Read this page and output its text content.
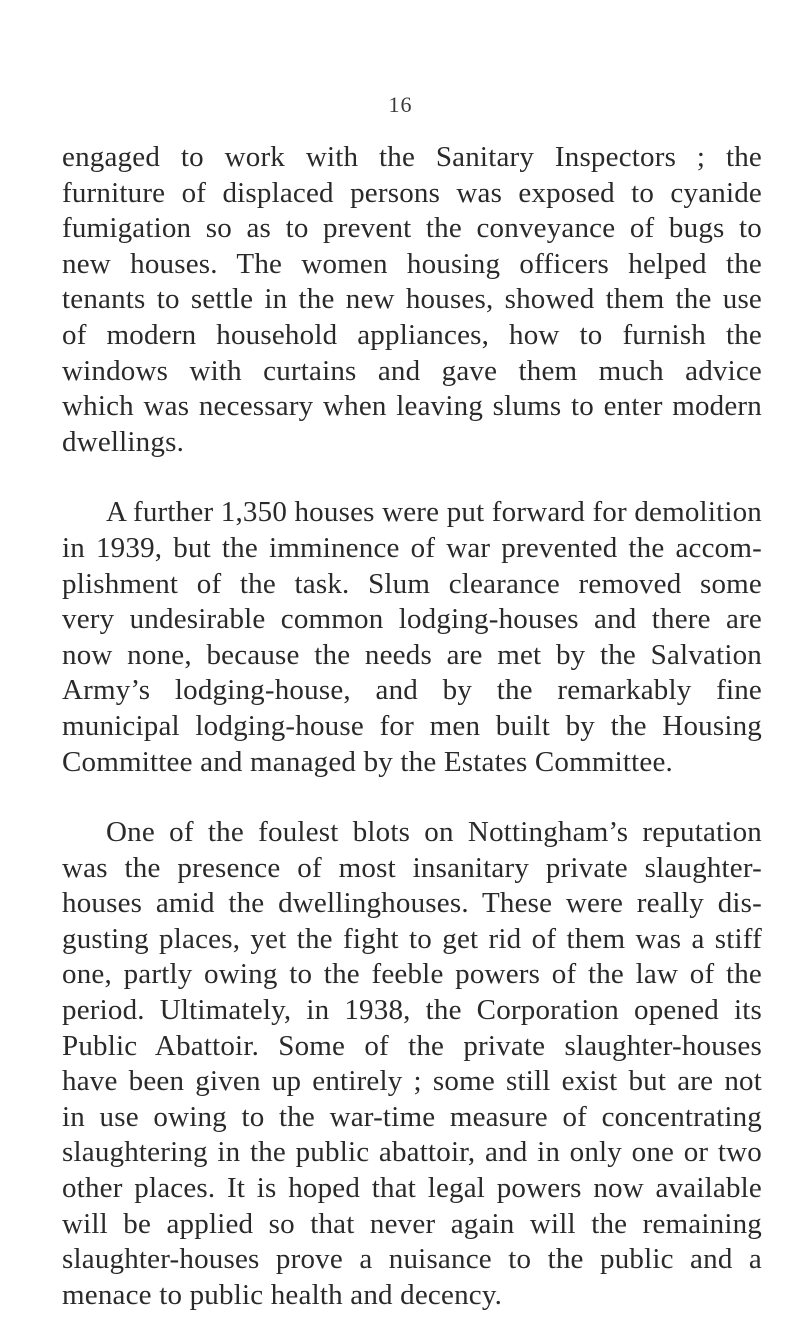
16
engaged to work with the Sanitary Inspectors ; the
furniture of displaced persons was exposed to cyanide
fumigation so as to prevent the conveyance of bugs to
new houses. The women housing officers helped the
tenants to settle in the new houses, showed them the use
of modern household appliances, how to furnish the
windows with curtains and gave them much advice
which was necessary when leaving slums to enter modern
dwellings.
A further 1,350 houses were put forward for demolition
in 1939, but the imminence of war prevented the accom-
plishment of the task. Slum clearance removed some
very undesirable common lodging-houses and there are
now none, because the needs are met by the Salvation
Army’s lodging-house, and by the remarkably fine
municipal lodging-house for men built by the Housing
Committee and managed by the Estates Committee.
One of the foulest blots on Nottingham’s reputation
was the presence of most insanitary private slaughter-
houses amid the dwellinghouses. These were really dis-
gusting places, yet the fight to get rid of them was a stiff
one, partly owing to the feeble powers of the law of the
period. Ultimately, in 1938, the Corporation opened its
Public Abattoir. Some of the private slaughter-houses
have been given up entirely ; some still exist but are not
in use owing to the war-time measure of concentrating
slaughtering in the public abattoir, and in only one or two
other places. It is hoped that legal powers now available
will be applied so that never again will the remaining
slaughter-houses prove a nuisance to the public and a
menace to public health and decency.
